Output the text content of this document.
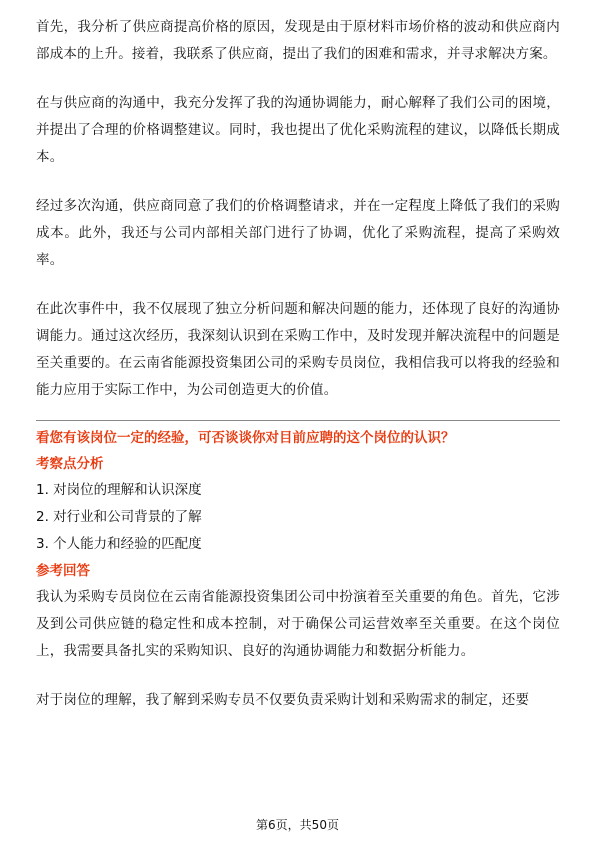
首先，我分析了供应商提高价格的原因，发现是由于原材料市场价格的波动和供应商内部成本的上升。接着，我联系了供应商，提出了我们的困难和需求，并寻求解决方案。

在与供应商的沟通中，我充分发挥了我的沟通协调能力，耐心解释了我们公司的困境，并提出了合理的价格调整建议。同时，我也提出了优化采购流程的建议，以降低长期成本。

经过多次沟通，供应商同意了我们的价格调整请求，并在一定程度上降低了我们的采购成本。此外，我还与公司内部相关部门进行了协调，优化了采购流程，提高了采购效率。

在此次事件中，我不仅展现了独立分析问题和解决问题的能力，还体现了良好的沟通协调能力。通过这次经历，我深刻认识到在采购工作中，及时发现并解决流程中的问题是至关重要的。在云南省能源投资集团公司的采购专员岗位，我相信我可以将我的经验和能力应用于实际工作中，为公司创造更大的价值。

看您有该岗位一定的经验，可否谈谈你对目前应聘的这个岗位的认识？

考察点分析

1. 对岗位的理解和认识深度

2. 对行业和公司背景的了解

3. 个人能力和经验的匹配度

参考回答

我认为采购专员岗位在云南省能源投资集团公司中扮演着至关重要的角色。首先，它涉及到公司供应链的稳定性和成本控制，对于确保公司运营效率至关重要。在这个岗位上，我需要具备扎实的采购知识、良好的沟通协调能力和数据分析能力。

对于岗位的理解，我了解到采购专员不仅要负责采购计划和采购需求的制定，还要

第6页，共50页
